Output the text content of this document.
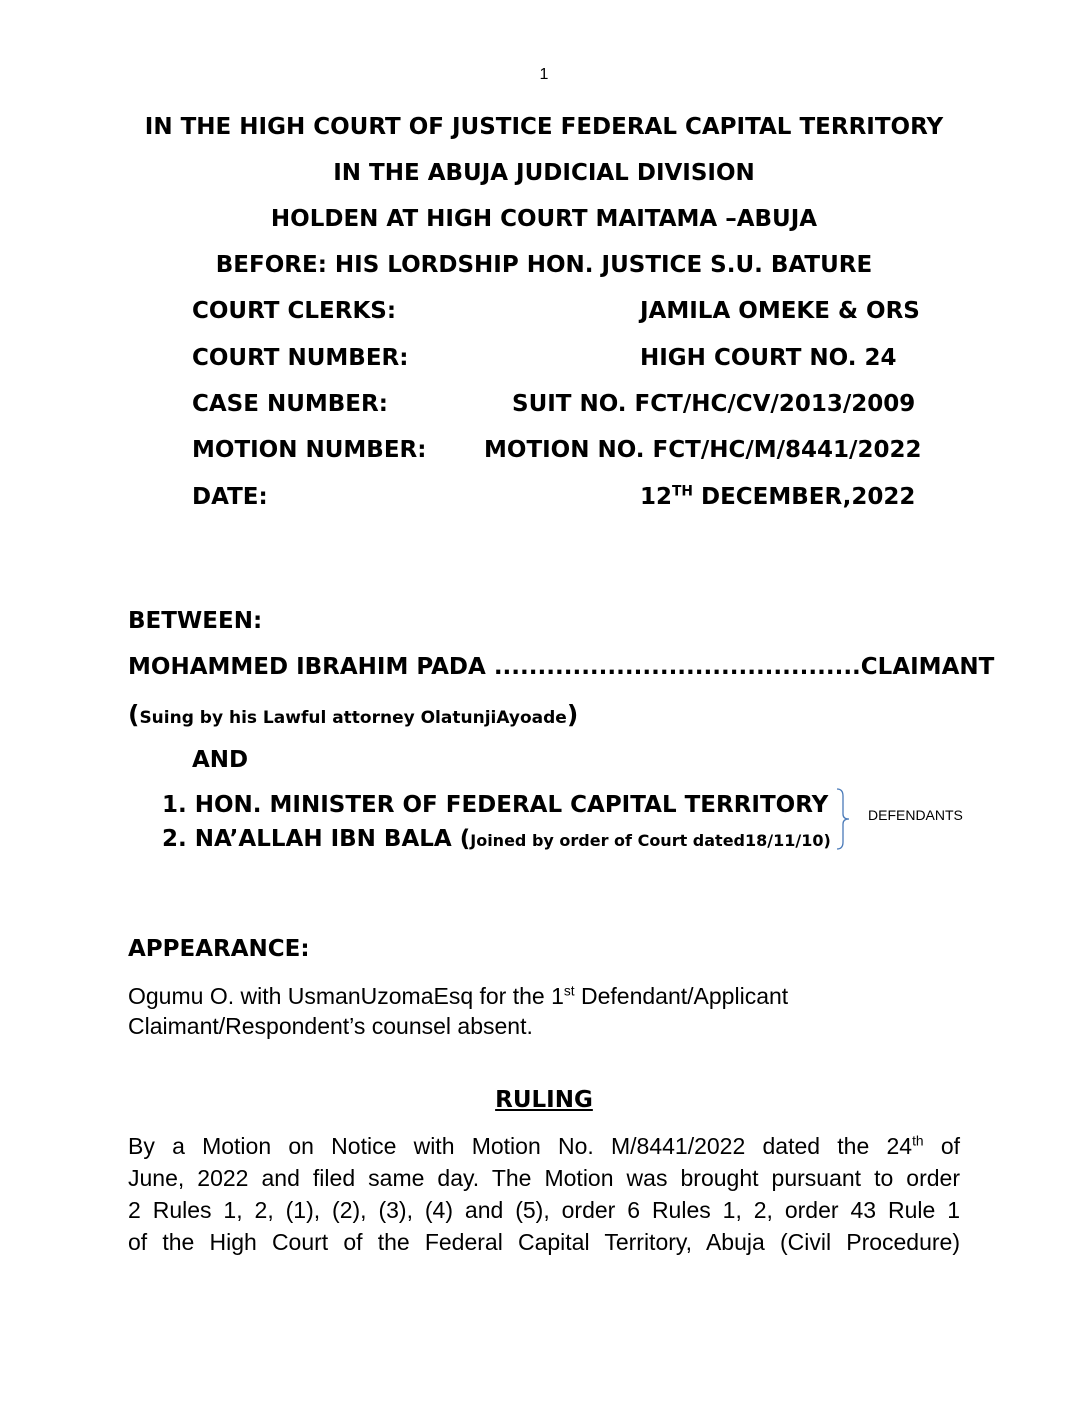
1
IN THE HIGH COURT OF JUSTICE FEDERAL CAPITAL TERRITORY
IN THE ABUJA JUDICIAL DIVISION
HOLDEN AT HIGH COURT MAITAMA –ABUJA
BEFORE: HIS LORDSHIP HON. JUSTICE S.U. BATURE
COURT CLERKS:	JAMILA OMEKE & ORS
COURT NUMBER:	HIGH COURT NO. 24
CASE NUMBER:	SUIT NO. FCT/HC/CV/2013/2009
MOTION NUMBER:	MOTION NO. FCT/HC/M/8441/2022
DATE:	12TH DECEMBER,2022
BETWEEN:
MOHAMMED IBRAHIM PADA ..........................................CLAIMANT
(Suing by his Lawful attorney OlatunjiAyoade)
AND
1. HON. MINISTER OF FEDERAL CAPITAL TERRITORY
2. NA’ALLAH IBN BALA (Joined by order of Court dated18/11/10)
DEFENDANTS
APPEARANCE:
Ogumu O. with UsmanUzomaEsq for the 1st Defendant/Applicant
Claimant/Respondent’s counsel absent.
RULING
By a Motion on Notice with Motion No. M/8441/2022 dated the 24th of
June, 2022 and filed same day. The Motion was brought pursuant to order
2 Rules 1, 2, (1), (2), (3), (4) and (5), order 6 Rules 1, 2, order 43 Rule 1
of the High Court of the Federal Capital Territory, Abuja (Civil Procedure)
